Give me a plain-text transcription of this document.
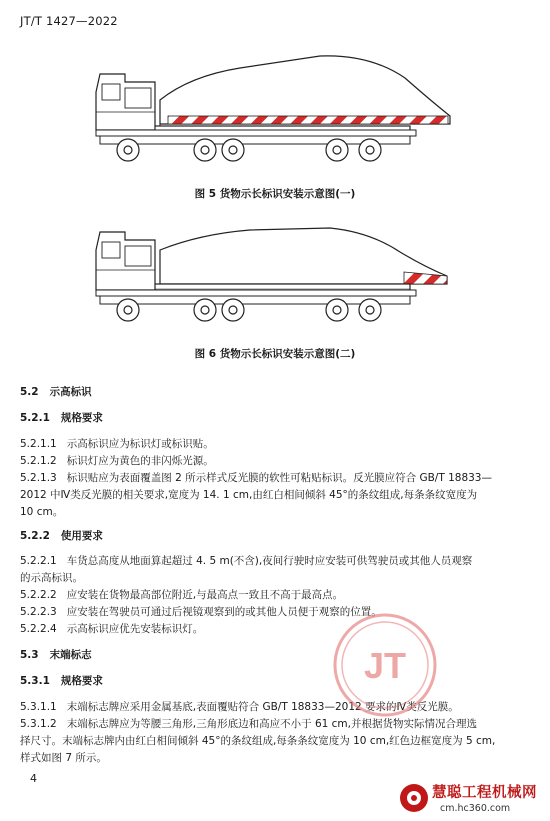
JT/T 1427—2022
图 5 货物示长标识安装示意图(一)
图 6 货物示长标识安装示意图(二)
5.2 示高标识
5.2.1 规格要求
5.2.1.1 示高标识应为标识灯或标识贴。
5.2.1.2 标识灯应为黄色的非闪烁光源。
5.2.1.3 标识贴应为表面覆盖图 2 所示样式反光膜的软性可粘贴标识。反光膜应符合 GB/T 18833—
2012 中Ⅳ类反光膜的相关要求,宽度为 14. 1 cm,由红白相间倾斜 45°的条纹组成,每条条纹宽度为
10 cm。
5.2.2 使用要求
5.2.2.1 车货总高度从地面算起超过 4. 5 m(不含),夜间行驶时应安装可供驾驶员或其他人员观察
的示高标识。
5.2.2.2 应安装在货物最高部位附近,与最高点一致且不高于最高点。
5.2.2.3 应安装在驾驶员可通过后视镜观察到的或其他人员便于观察的位置。
5.2.2.4 示高标识应优先安装标识灯。
5.3 末端标志
5.3.1 规格要求
5.3.1.1 末端标志牌应采用金属基底,表面覆贴符合 GB/T 18833—2012 要求的Ⅳ类反光膜。
5.3.1.2 末端标志牌应为等腰三角形,三角形底边和高应不小于 61 cm,并根据货物实际情况合理选
择尺寸。末端标志牌内由红白相间倾斜 45°的条纹组成,每条条纹宽度为 10 cm,红色边框宽度为 5 cm,
样式如图 7 所示。
JT
4
慧聪工程机械网
cm.hc360.com
